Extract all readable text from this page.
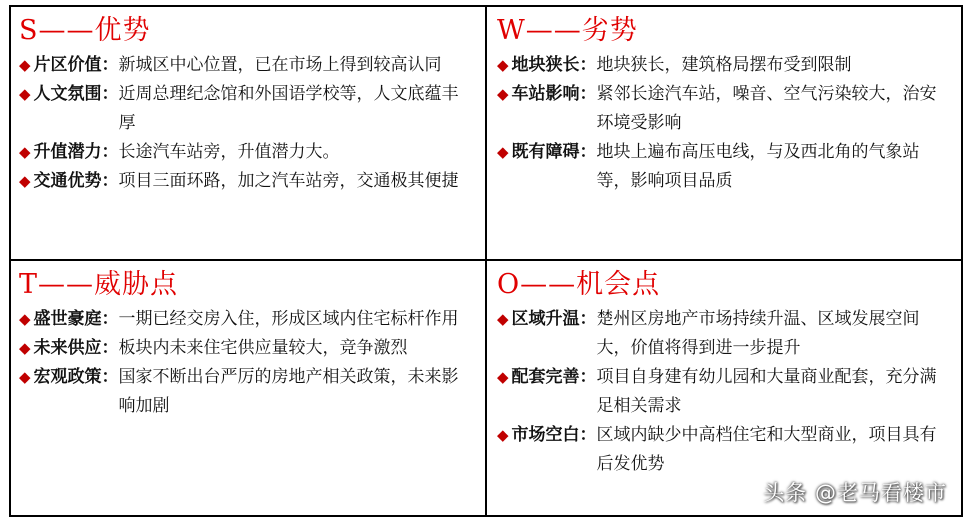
S——优势
◆ 片区价值： 新城区中心位置，已在市场上得到较高认同
◆ 人文氛围： 近周总理纪念馆和外国语学校等，人文底蕴丰厚
◆ 升值潜力： 长途汽车站旁，升值潜力大。
◆ 交通优势： 项目三面环路，加之汽车站旁，交通极其便捷
W——劣势
◆ 地块狭长： 地块狭长，建筑格局摆布受到限制
◆ 车站影响： 紧邻长途汽车站，噪音、空气污染较大，治安环境受影响
◆ 既有障碍： 地块上遍布高压电线，与及西北角的气象站等，影响项目品质
T——威胁点
◆ 盛世豪庭： 一期已经交房入住，形成区域内住宅标杆作用
◆ 未来供应： 板块内未来住宅供应量较大，竞争激烈
◆ 宏观政策： 国家不断出台严厉的房地产相关政策，未来影响加剧
O——机会点
◆ 区域升温： 楚州区房地产市场持续升温、区域发展空间大，价值将得到进一步提升
◆ 配套完善： 项目自身建有幼儿园和大量商业配套，充分满足相关需求
◆ 市场空白： 区域内缺少中高档住宅和大型商业，项目具有后发优势
头条 @老马看楼市
